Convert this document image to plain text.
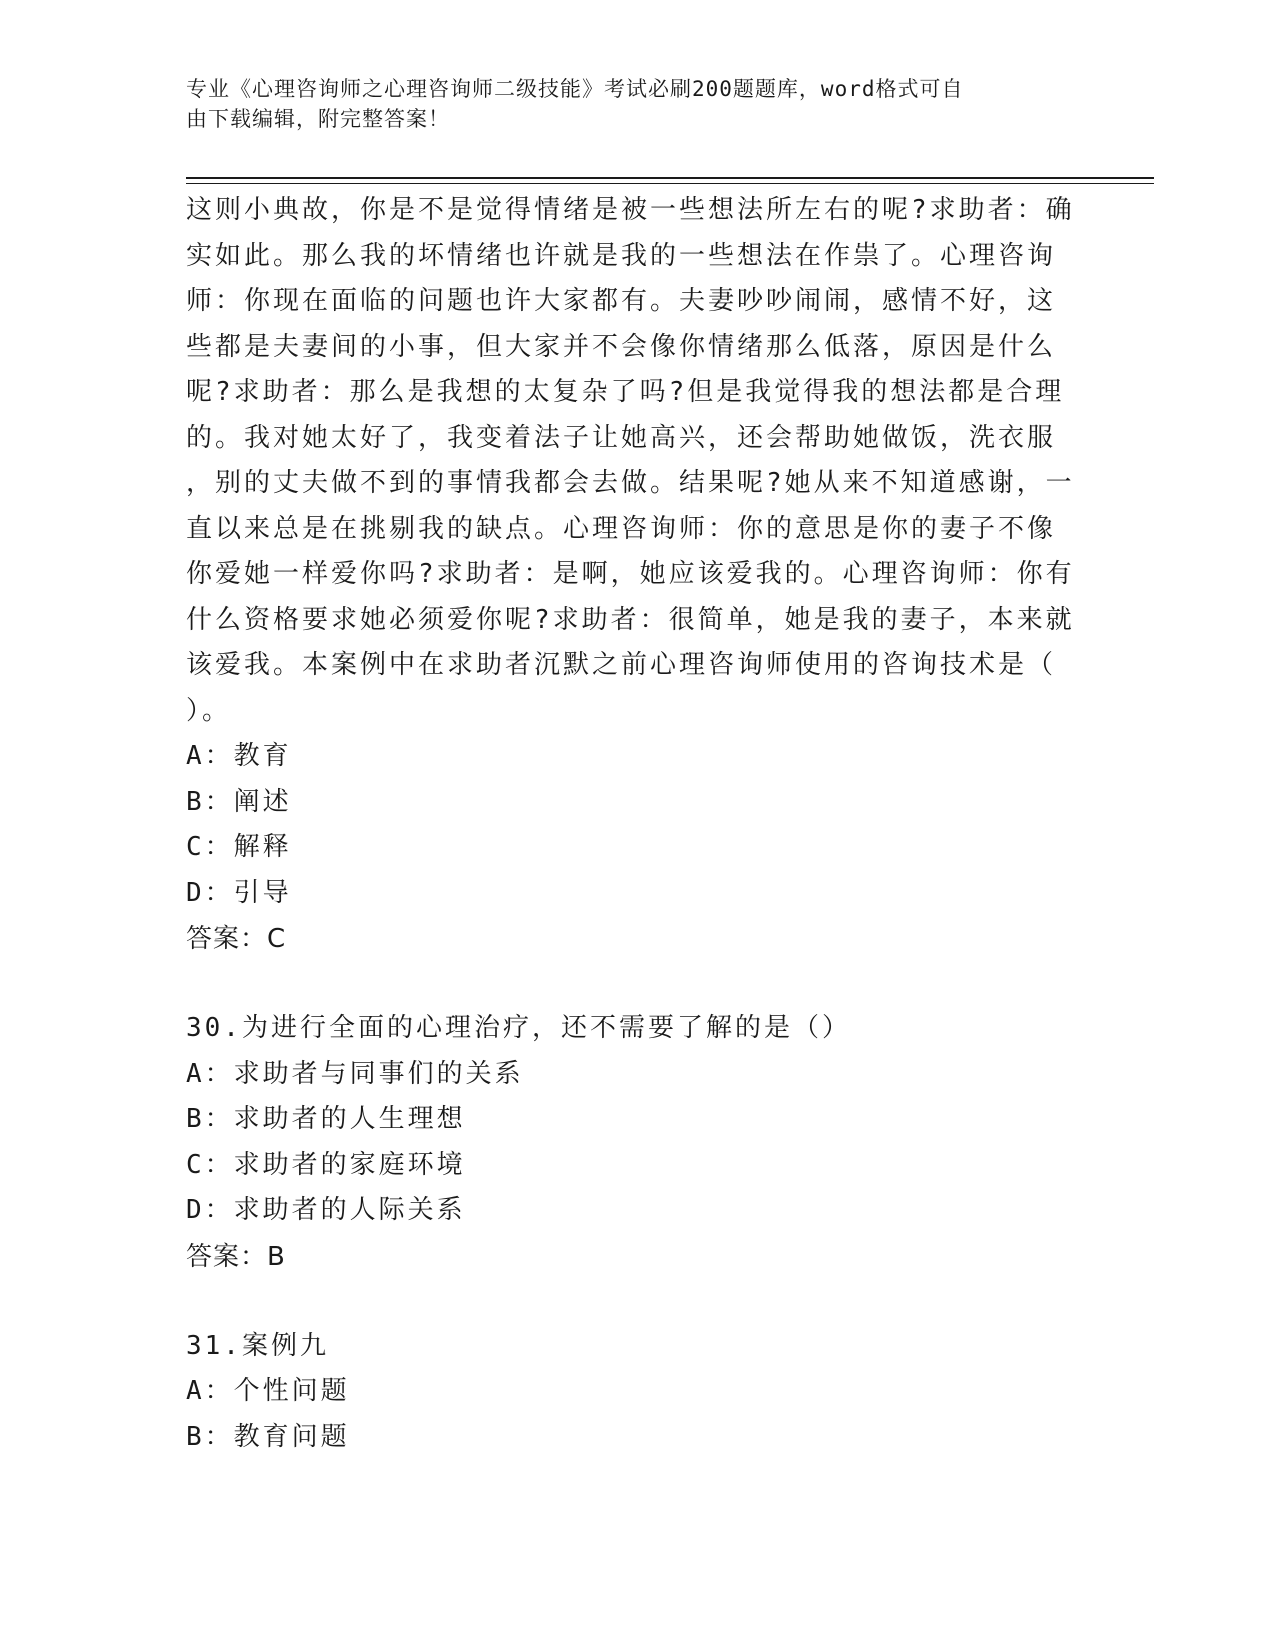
专业《心理咨询师之心理咨询师二级技能》考试必刷200题题库，word格式可自
由下载编辑，附完整答案！
这则小典故，你是不是觉得情绪是被一些想法所左右的呢?求助者：确
实如此。那么我的坏情绪也许就是我的一些想法在作祟了。心理咨询
师：你现在面临的问题也许大家都有。夫妻吵吵闹闹，感情不好，这
些都是夫妻间的小事，但大家并不会像你情绪那么低落，原因是什么
呢?求助者：那么是我想的太复杂了吗?但是我觉得我的想法都是合理
的。我对她太好了，我变着法子让她高兴，还会帮助她做饭，洗衣服
，别的丈夫做不到的事情我都会去做。结果呢?她从来不知道感谢，一
直以来总是在挑剔我的缺点。心理咨询师：你的意思是你的妻子不像
你爱她一样爱你吗?求助者：是啊，她应该爱我的。心理咨询师：你有
什么资格要求她必须爱你呢?求助者：很简单，她是我的妻子，本来就
该爱我。本案例中在求助者沉默之前心理咨询师使用的咨询技术是（
）。
A：教育
B：阐述
C：解释
D：引导
答案：C
30.为进行全面的心理治疗，还不需要了解的是（）
A：求助者与同事们的关系
B：求助者的人生理想
C：求助者的家庭环境
D：求助者的人际关系
答案：B
31.案例九
A：个性问题
B：教育问题
